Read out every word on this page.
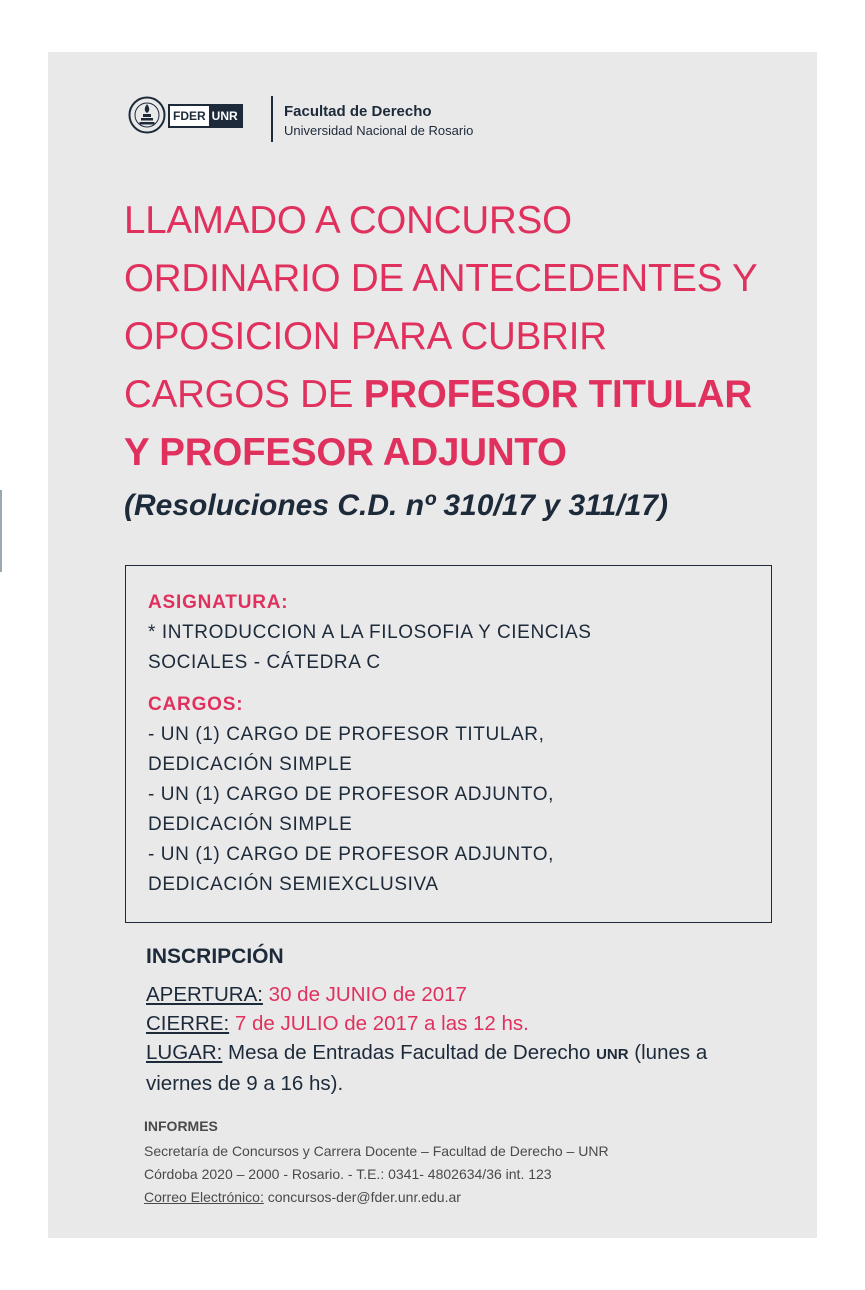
FDER UNR	Facultad de Derecho
Universidad Nacional de Rosario
LLAMADO A CONCURSO
ORDINARIO DE ANTECEDENTES Y
OPOSICION PARA CUBRIR
CARGOS DE PROFESOR TITULAR
Y PROFESOR ADJUNTO
(Resoluciones C.D. nº 310/17 y 311/17)
ASIGNATURA:
* INTRODUCCION A LA FILOSOFIA Y CIENCIAS
SOCIALES - CÁTEDRA C
CARGOS:
- UN (1) CARGO DE PROFESOR TITULAR,
DEDICACIÓN SIMPLE
- UN (1) CARGO DE PROFESOR ADJUNTO,
DEDICACIÓN SIMPLE
- UN (1) CARGO DE PROFESOR ADJUNTO,
DEDICACIÓN SEMIEXCLUSIVA
INSCRIPCIÓN
APERTURA: 30 de JUNIO de 2017
CIERRE: 7 de JULIO de 2017 a las 12 hs.
LUGAR: Mesa de Entradas Facultad de Derecho UNR (lunes a
viernes de 9 a 16 hs).
INFORMES
Secretaría de Concursos y Carrera Docente – Facultad de Derecho – UNR
Córdoba 2020 – 2000 - Rosario. - T.E.: 0341- 4802634/36 int. 123
Correo Electrónico: concursos-der@fder.unr.edu.ar
